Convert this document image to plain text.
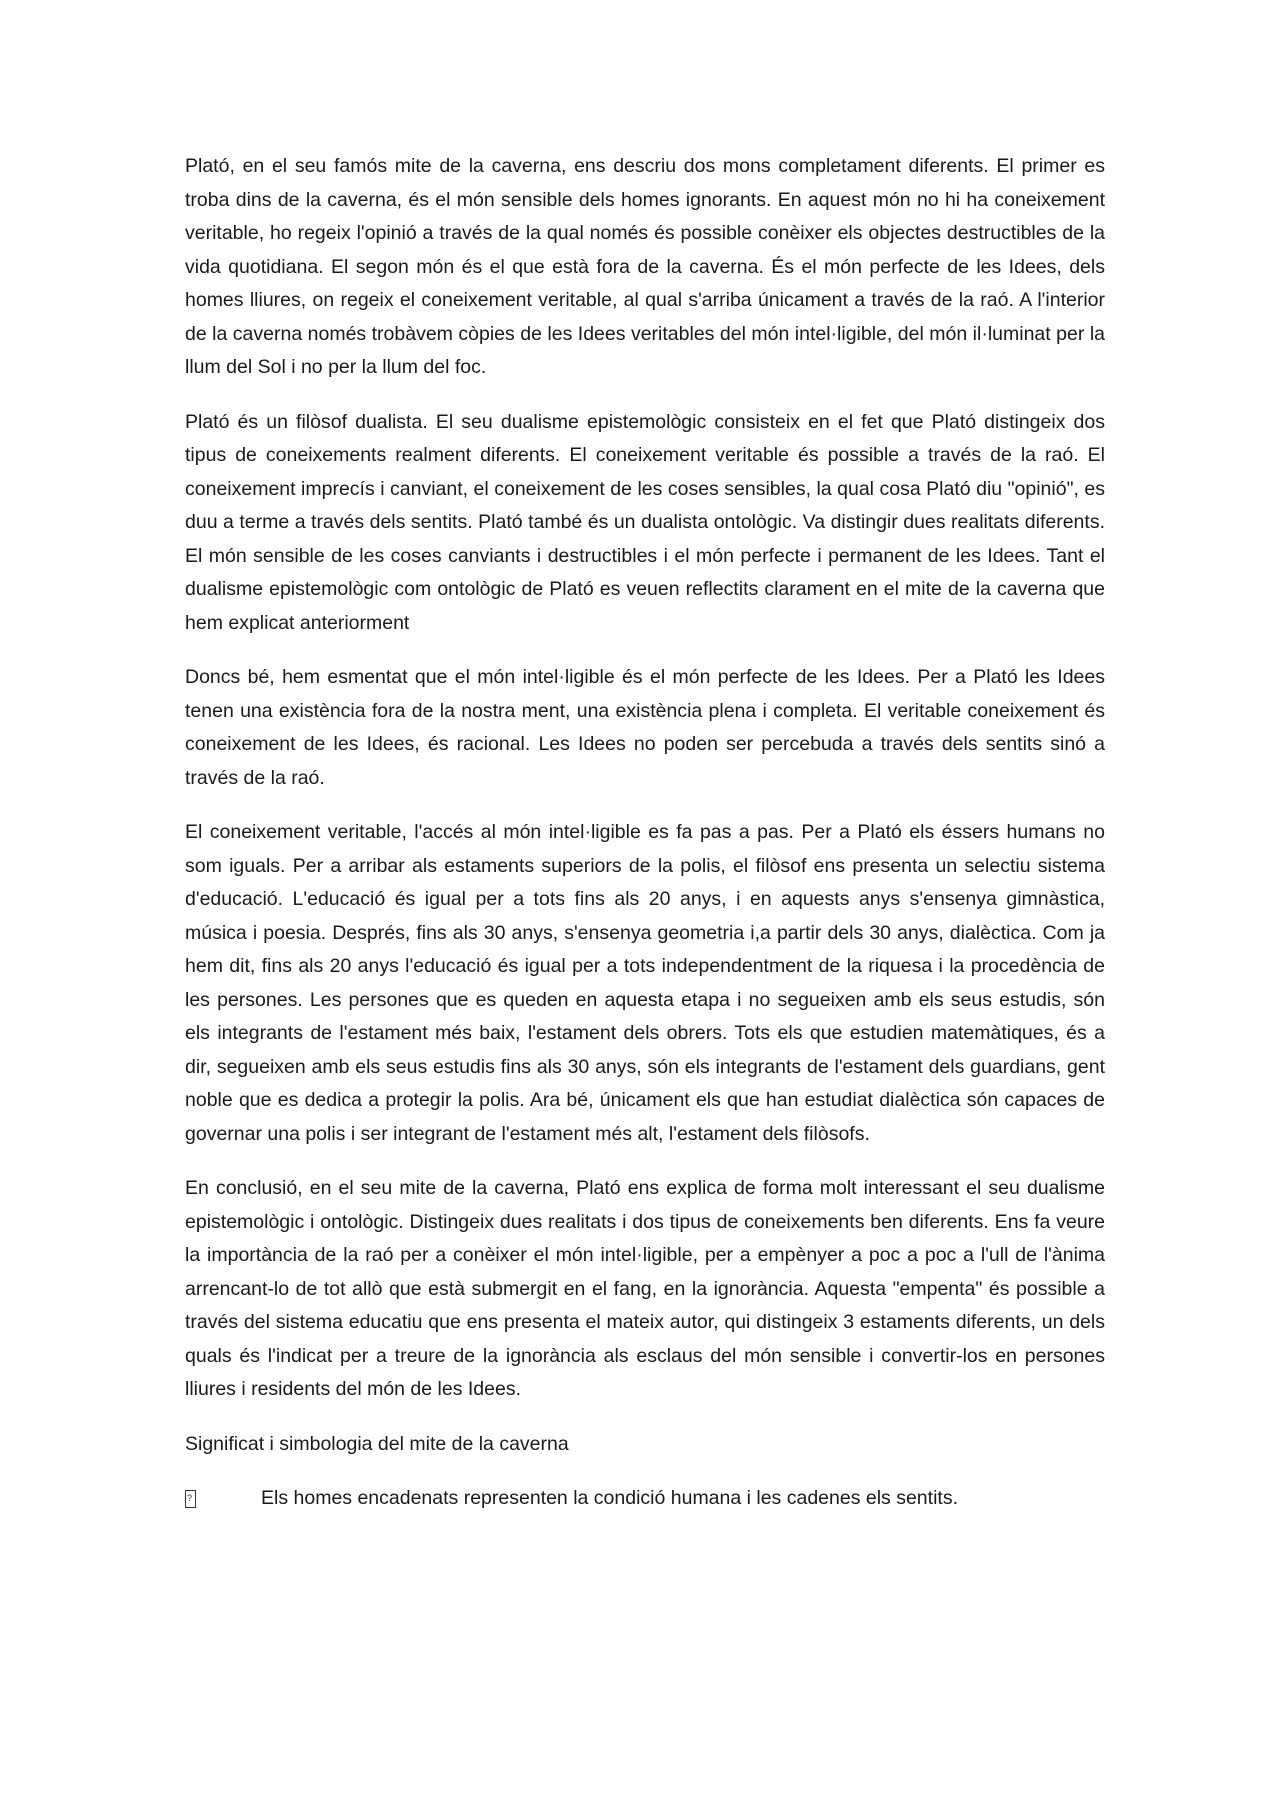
Plató, en el seu famós mite de la caverna, ens descriu dos mons completament diferents. El primer es troba dins de la caverna, és el món sensible dels homes ignorants. En aquest món no hi ha coneixement veritable, ho regeix l'opinió a través de la qual només és possible conèixer els objectes destructibles de la vida quotidiana. El segon món és el que està fora de la caverna. És el món perfecte de les Idees, dels homes lliures, on regeix el coneixement veritable, al qual s'arriba únicament a través de la raó. A l'interior de la caverna només trobàvem còpies de les Idees veritables del món intel·ligible, del món il·luminat per la llum del Sol i no per la llum del foc.

Plató és un filòsof dualista. El seu dualisme epistemològic consisteix en el fet que Plató distingeix dos tipus de coneixements realment diferents. El coneixement veritable és possible a través de la raó. El coneixement imprecís i canviant, el coneixement de les coses sensibles, la qual cosa Plató diu "opinió", es duu a terme a través dels sentits. Plató també és un dualista ontològic. Va distingir dues realitats diferents. El món sensible de les coses canviants i destructibles i el món perfecte i permanent de les Idees. Tant el dualisme epistemològic com ontològic de Plató es veuen reflectits clarament en el mite de la caverna que hem explicat anteriorment

Doncs bé, hem esmentat que el món intel·ligible és el món perfecte de les Idees. Per a Plató les Idees tenen una existència fora de la nostra ment, una existència plena i completa. El veritable coneixement és coneixement de les Idees, és racional. Les Idees no poden ser percebuda a través dels sentits sinó a través de la raó.

El coneixement veritable, l'accés al món intel·ligible es fa pas a pas. Per a Plató els éssers humans no som iguals. Per a arribar als estaments superiors de la polis, el filòsof ens presenta un selectiu sistema d'educació. L'educació és igual per a tots fins als 20 anys, i en aquests anys s'ensenya gimnàstica, música i poesia. Després, fins als 30 anys, s'ensenya geometria i,a partir dels 30 anys, dialèctica. Com ja hem dit, fins als 20 anys l'educació és igual per a tots independentment de la riquesa i la procedència de les persones. Les persones que es queden en aquesta etapa i no segueixen amb els seus estudis, són els integrants de l'estament més baix, l'estament dels obrers. Tots els que estudien matemàtiques, és a dir, segueixen amb els seus estudis fins als 30 anys, són els integrants de l'estament dels guardians, gent noble que es dedica a protegir la polis. Ara bé, únicament els que han estudiat dialèctica són capaces de governar una polis i ser integrant de l'estament més alt, l'estament dels filòsofs.

En conclusió, en el seu mite de la caverna, Plató ens explica de forma molt interessant el seu dualisme epistemològic i ontològic. Distingeix dues realitats i dos tipus de coneixements ben diferents. Ens fa veure la importància de la raó per a conèixer el món intel·ligible, per a empènyer a poc a poc a l'ull de l'ànima arrencant-lo de tot allò que està submergit en el fang, en la ignorància. Aquesta "empenta" és possible a través del sistema educatiu que ens presenta el mateix autor, qui distingeix 3 estaments diferents, un dels quals és l'indicat per a treure de la ignorància als esclaus del món sensible i convertir-los en persones lliures i residents del món de les Idees.

Significat i simbologia del mite de la caverna

?
Els homes encadenats representen la condició humana i les cadenes els sentits.
